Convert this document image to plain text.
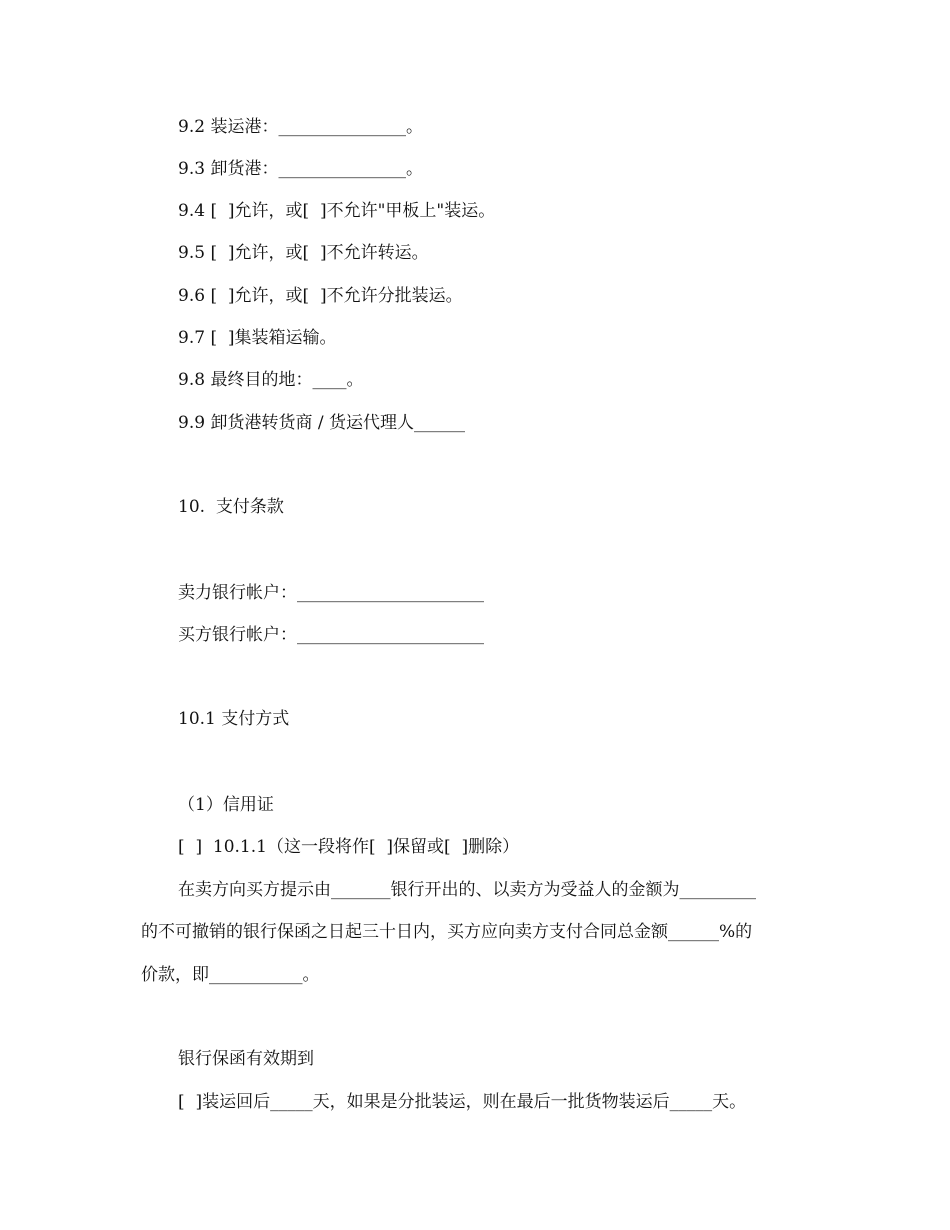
9.2 装运港：_______________。
9.3 卸货港：_______________。
9.4 [  ]允许，或[  ]不允许"甲板上"装运。
9.5 [  ]允许，或[  ]不允许转运。
9.6 [  ]允许，或[  ]不允许分批装运。
9.7 [  ]集装箱运输。
9.8 最终目的地：____。
9.9 卸货港转货商 / 货运代理人______
10.  支付条款
卖力银行帐户：______________________
买方银行帐户：______________________
10.1 支付方式
（1）信用证
[  ]  10.1.1（这一段将作[  ]保留或[  ]删除）
在卖方向买方提示由_______银行开出的、以卖方为受益人的金额为_________
的不可撤销的银行保函之日起三十日内，买方应向卖方支付合同总金额______%的
价款，即___________。
银行保函有效期到
[  ]装运回后_____天，如果是分批装运，则在最后一批货物装运后_____天。
